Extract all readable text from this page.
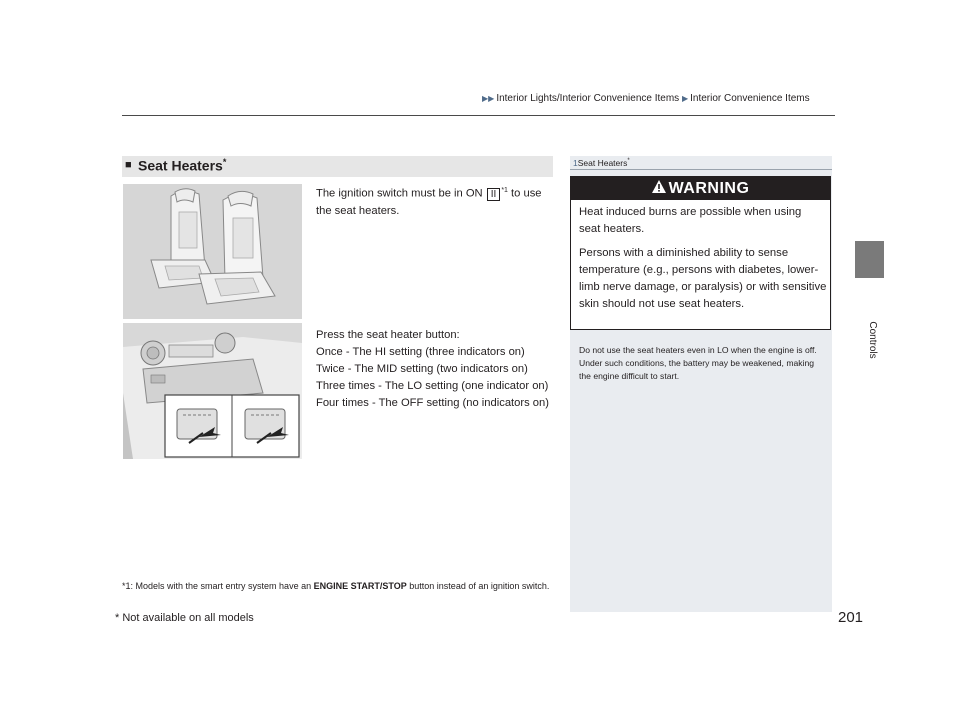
▶▶ Interior Lights/Interior Convenience Items ▶ Interior Convenience Items
Controls
■ Seat Heaters*
The ignition switch must be in ON II $^{*1}$ to use the seat heaters.
Press the seat heater button:
Once - The HI setting (three indicators on)
Twice - The MID setting (two indicators on)
Three times - The LO setting (one indicator on)
Four times - The OFF setting (no indicators on)
*1: Models with the smart entry system have an ENGINE START/STOP button instead of an ignition switch.
1Seat Heaters*
WARNING
Heat induced burns are possible when using seat heaters.
Persons with a diminished ability to sense temperature (e.g., persons with diabetes, lower-limb nerve damage, or paralysis) or with sensitive skin should not use seat heaters.
Do not use the seat heaters even in LO when the engine is off. Under such conditions, the battery may be weakened, making the engine difficult to start.
* Not available on all models	201
